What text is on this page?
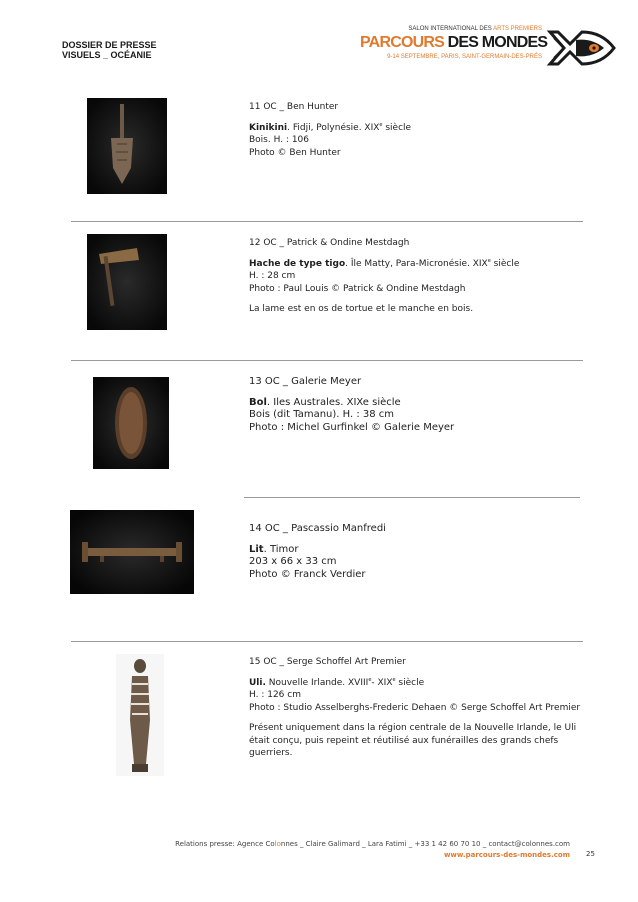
DOSSIER DE PRESSE
VISUELS _ OCÉANIE
SALON INTERNATIONAL DES ARTS PREMIERS
PARCOURS DES MONDES
9-14 SEPTEMBRE, PARIS, SAINT-GERMAIN-DES-PRÉS

11 OC _ Ben Hunter

Kinikini. Fidji, Polynésie. XIXe siècle

Bois. H. : 106

Photo © Ben Hunter

12 OC _ Patrick & Ondine Mestdagh

Hache de type tigo. Île Matty, Para-Micronésie. XIXe siècle

H. : 28 cm

Photo : Paul Louis © Patrick & Ondine Mestdagh

La lame est en os de tortue et le manche en bois.

13 OC _ Galerie Meyer

Bol. Iles Australes. XIXe siècle

Bois (dit Tamanu). H. : 38 cm

Photo : Michel Gurfinkel © Galerie Meyer

14 OC _ Pascassio Manfredi

Lit. Timor

203 x 66 x 33 cm

Photo © Franck Verdier

15 OC _ Serge Schoffel Art Premier

Uli. Nouvelle Irlande. XVIIIe- XIXe siècle

H. : 126 cm

Photo : Studio Asselberghs-Frederic Dehaen © Serge Schoffel Art Premier

Présent uniquement dans la région centrale de la Nouvelle Irlande, le Uli était conçu, puis repeint et réutilisé aux funérailles des grands chefs guerriers.

Relations presse: Agence Colonnes _ Claire Galimard _ Lara Fatimi _ +33 1 42 60 70 10 _ contact@colonnes.com
www.parcours-des-mondes.com 25
